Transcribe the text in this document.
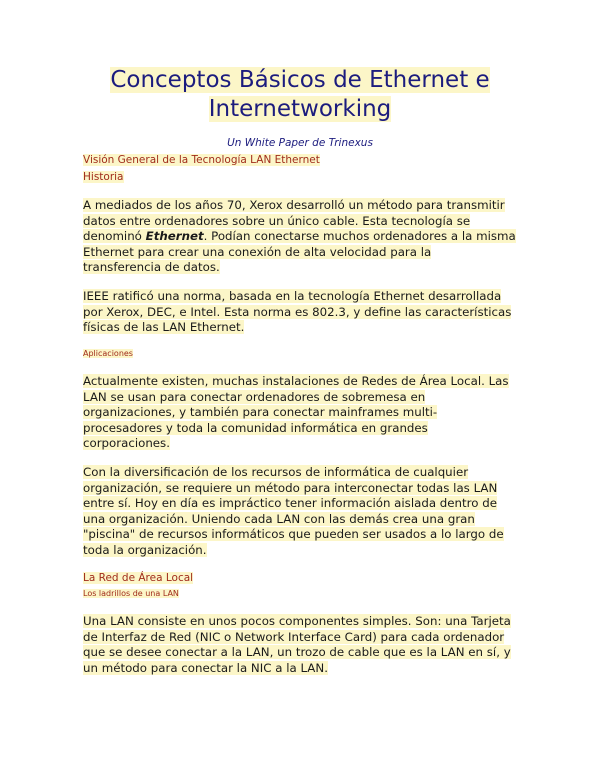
Conceptos Básicos de Ethernet e
Internetworking

Un White Paper de Trinexus

Visión General de la Tecnología LAN Ethernet

Historia

A mediados de los años 70, Xerox desarrolló un método para transmitir
datos entre ordenadores sobre un único cable. Esta tecnología se
denominó Ethernet. Podían conectarse muchos ordenadores a la misma
Ethernet para crear una conexión de alta velocidad para la
transferencia de datos.
IEEE ratificó una norma, basada en la tecnología Ethernet desarrollada
por Xerox, DEC, e Intel. Esta norma es 802.3, y define las características
físicas de las LAN Ethernet.

Aplicaciones

Actualmente existen, muchas instalaciones de Redes de Área Local. Las
LAN se usan para conectar ordenadores de sobremesa en
organizaciones, y también para conectar mainframes multi-
procesadores y toda la comunidad informática en grandes
corporaciones.
Con la diversificación de los recursos de informática de cualquier
organización, se requiere un método para interconectar todas las LAN
entre sí. Hoy en día es impráctico tener información aislada dentro de
una organización. Uniendo cada LAN con las demás crea una gran
"piscina" de recursos informáticos que pueden ser usados a lo largo de
toda la organización.

La Red de Área Local

Los ladrillos de una LAN

Una LAN consiste en unos pocos componentes simples. Son: una Tarjeta
de Interfaz de Red (NIC o Network Interface Card) para cada ordenador
que se desee conectar a la LAN, un trozo de cable que es la LAN en sí, y
un método para conectar la NIC a la LAN.
